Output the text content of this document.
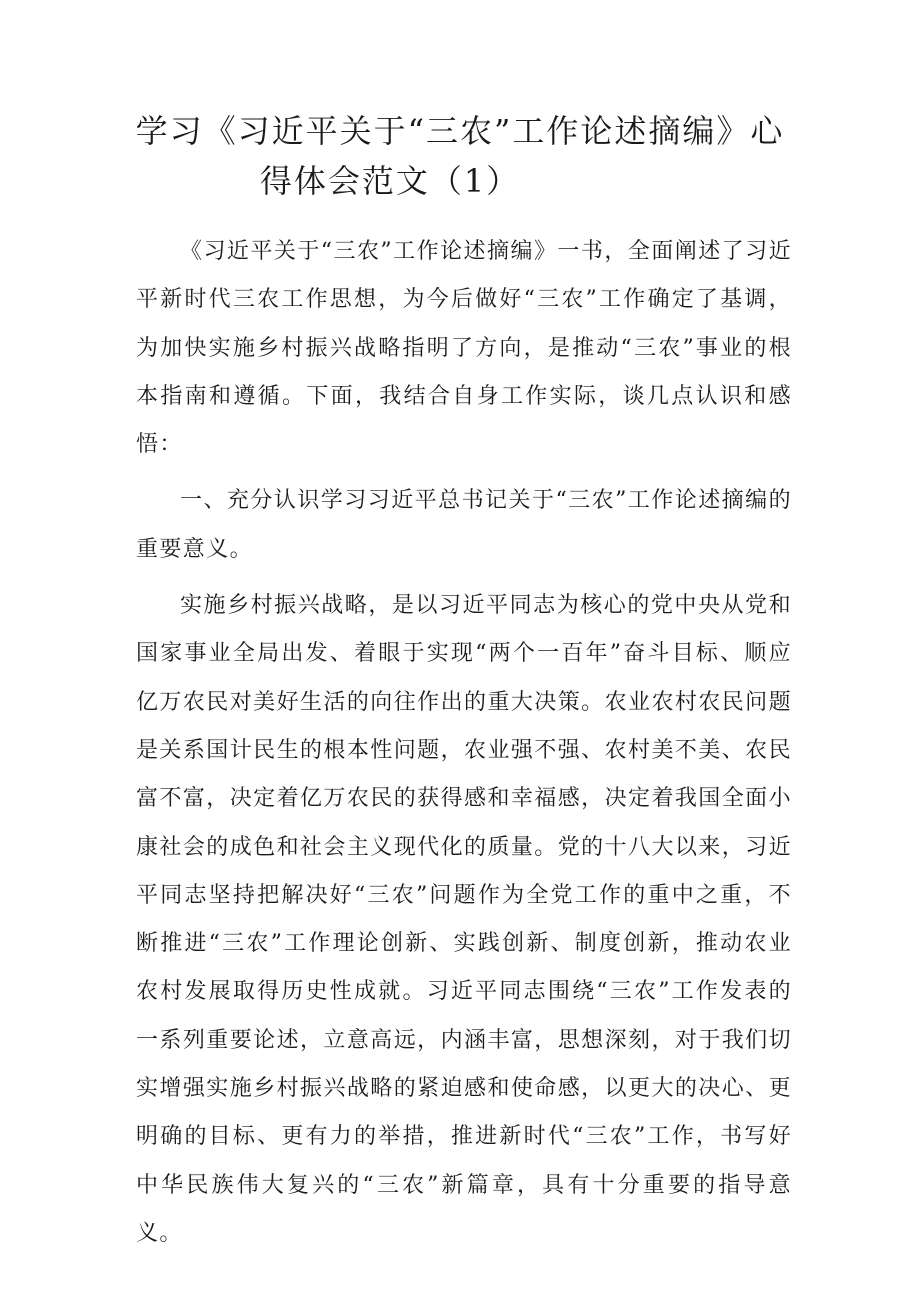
学习《习近平关于“三农”工作论述摘编》心
得体会范文（1）

《习近平关于“三农”工作论述摘编》一书，全面阐述了习近平新时代三农工作思想，为今后做好“三农”工作确定了基调，为加快实施乡村振兴战略指明了方向，是推动“三农”事业的根本指南和遵循。下面，我结合自身工作实际，谈几点认识和感悟：

一、充分认识学习习近平总书记关于“三农”工作论述摘编的重要意义。

实施乡村振兴战略，是以习近平同志为核心的党中央从党和国家事业全局出发、着眼于实现“两个一百年”奋斗目标、顺应亿万农民对美好生活的向往作出的重大决策。农业农村农民问题是关系国计民生的根本性问题，农业强不强、农村美不美、农民富不富，决定着亿万农民的获得感和幸福感，决定着我国全面小康社会的成色和社会主义现代化的质量。党的十八大以来，习近平同志坚持把解决好“三农”问题作为全党工作的重中之重，不断推进“三农”工作理论创新、实践创新、制度创新，推动农业农村发展取得历史性成就。习近平同志围绕“三农”工作发表的一系列重要论述，立意高远，内涵丰富，思想深刻，对于我们切实增强实施乡村振兴战略的紧迫感和使命感，以更大的决心、更明确的目标、更有力的举措，推进新时代“三农”工作，书写好中华民族伟大复兴的“三农”新篇章，具有十分重要的指导意义。
